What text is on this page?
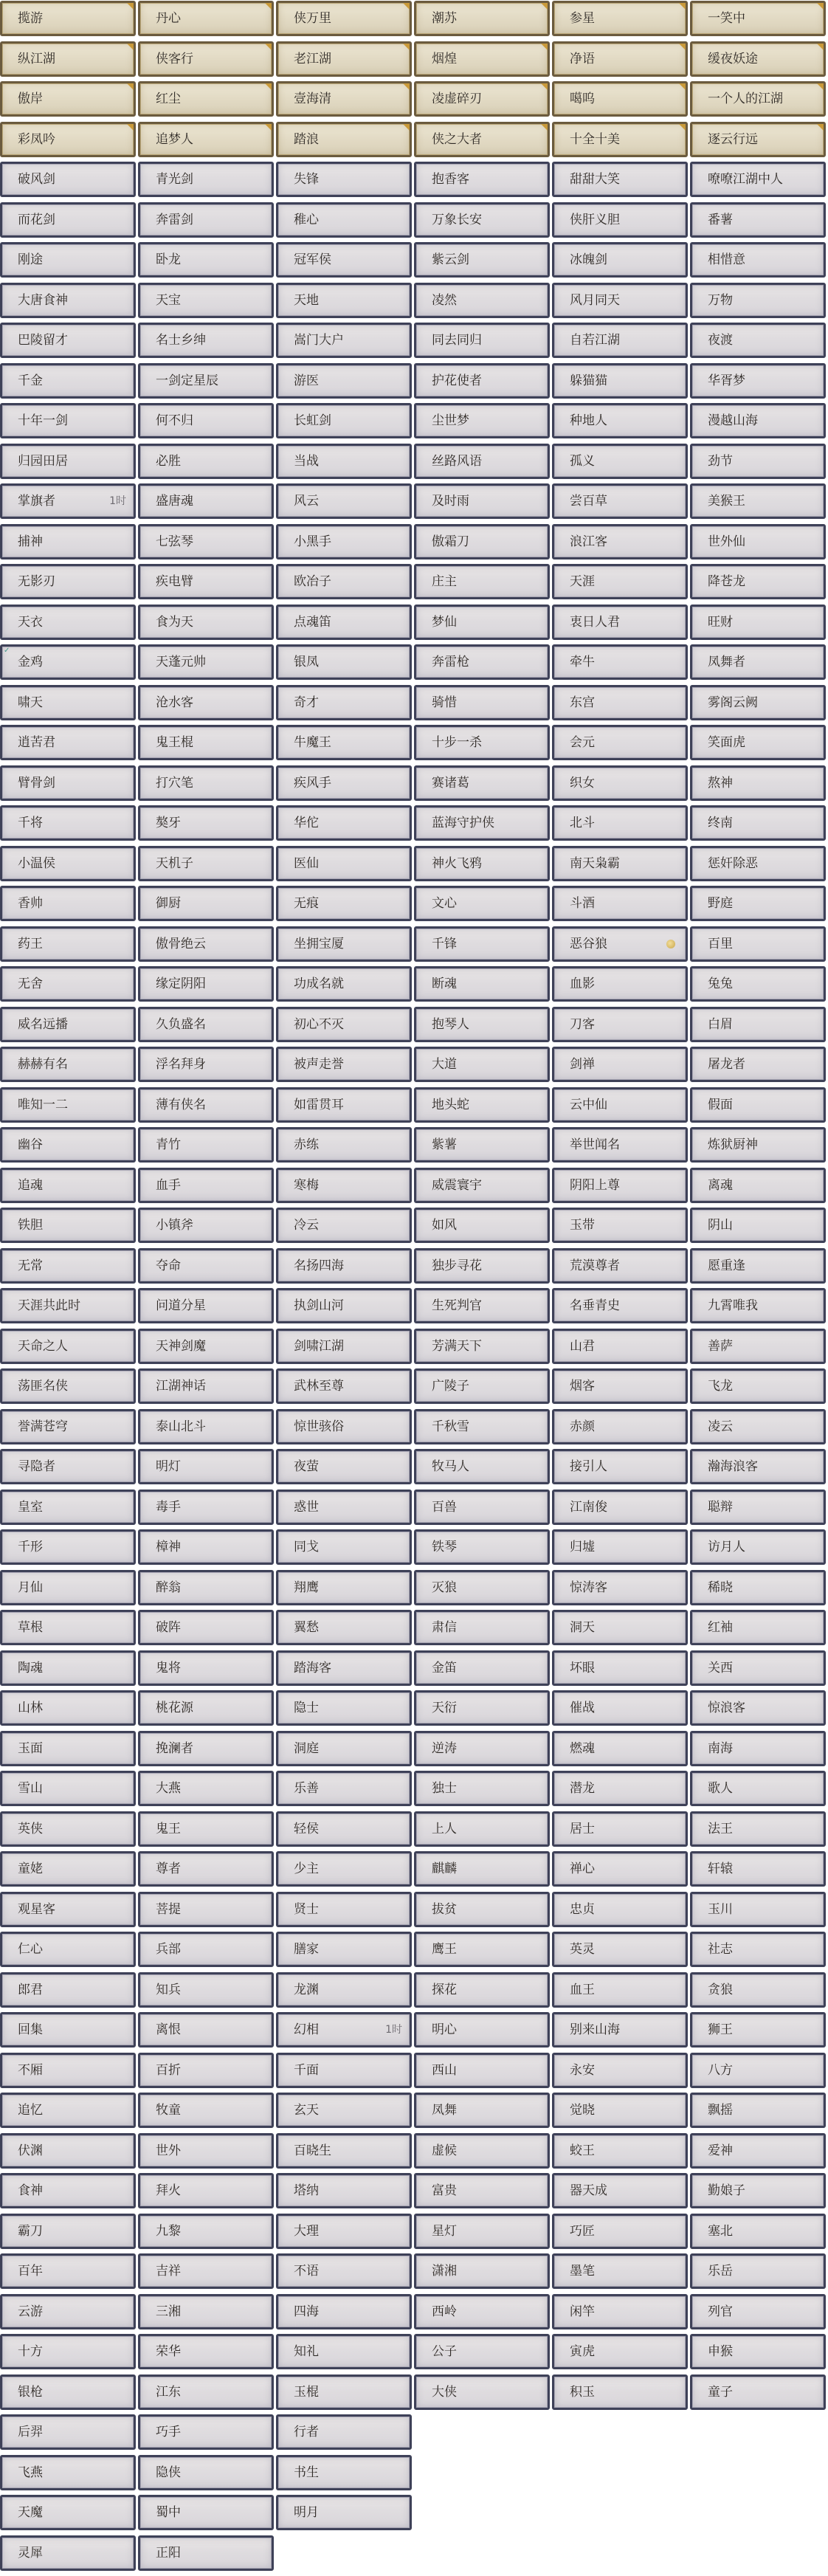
揽游	丹心	侠万里	潮苏	参星	一笑中
纵江湖	侠客行	老江湖	烟煌	净语	缓夜妖途
傲岸	红尘	壹海清	凌虚碎刃	噶呜	一个人的江湖
彩凤吟	追梦人	踏浪	侠之大者	十全十美	逐云行远
破风剑	青光剑	失锋	抱香客	甜甜大笑	嘹嘹江湖中人
而花剑	奔雷剑	稚心	万象长安	侠肝义胆	番薯
刚途	卧龙	冠军侯	紫云剑	冰魄剑	相惜意
大唐食神	天宝	天地	凌然	风月同天	万物
巴陵留才	名士乡绅	嵩门大户	同去同归	自若江湖	夜渡
千金	一剑定星辰	游医	护花使者	躲猫猫	华胥梦
十年一剑	何不归	长虹剑	尘世梦	种地人	漫越山海
归园田居	必胜	当战	丝路风语	孤义	劲节
掌旗者	1时 盛唐魂	风云	及时雨	尝百草	美猴王
捕神	七弦琴	小黑手	傲霜刀	浪江客	世外仙
无影刃	疾电臂	欧冶子	庄主	天涯	降苍龙
天衣	食为天	点魂笛	梦仙	衷日人君	旺财
✓
金鸡	天蓬元帅	银凤	奔雷枪	牵牛	凤舞者
啸天	沧水客	奇才	骑惜	东宫	雾阁云阙
逍苦君	鬼王棍	牛魔王	十步一杀	会元	笑面虎
臂骨剑	打穴笔	疾风手	赛诸葛	织女	熬神
千将	獒牙	华佗	蓝海守护侠	北斗	终南
小温侯	天机子	医仙	神火飞鸦	南天枭霸	惩奸除恶
香帅	御厨	无痕	文心	斗酒	野庭
药王	傲骨绝云	坐拥宝厦	千锋	恶谷狼	百里
无舍	缘定阴阳	功成名就	断魂	血影	兔兔
威名远播	久负盛名	初心不灭	抱琴人	刀客	白眉
赫赫有名	浮名拜身	被声走誉	大道	剑禅	屠龙者
唯知一二	薄有侠名	如雷贯耳	地头蛇	云中仙	假面
幽谷	青竹	赤练	紫薯	举世闻名	炼狱厨神
追魂	血手	寒梅	威震寰宇	阴阳上尊	离魂
铁胆	小镇斧	冷云	如风	玉带	阴山
无常	夺命	名扬四海	独步寻花	荒漠尊者	愿重逢
天涯共此时	问道分星	执剑山河	生死判官	名垂青史	九霄唯我
天命之人	天神剑魔	剑啸江湖	芳满天下	山君	善萨
荡匪名侠	江湖神话	武林至尊	广陵子	烟客	飞龙
誉满苍穹	泰山北斗	惊世骇俗	千秋雪	赤颜	凌云
寻隐者	明灯	夜萤	牧马人	接引人	瀚海浪客
皇室	毒手	惑世	百兽	江南俊	聪辩
千形	樟神	同戈	铁琴	归墟	访月人
月仙	醉翁	翔鹰	灭狼	惊涛客	稀晓
草根	破阵	翼愁	肃信	洞天	红袖
陶魂	鬼将	踏海客	金笛	坏眼	关西
山林	桃花源	隐士	天衍	催战	惊浪客
玉面	挽澜者	洞庭	逆涛	燃魂	南海
雪山	大燕	乐善	独士	潜龙	歌人
英侠	鬼王	轻侯	上人	居士	法王
童姥	尊者	少主	麒麟	禅心	轩辕
观星客	菩提	贤士	拔贫	忠贞	玉川
仁心	兵部	膳家	鹰王	英灵	社志
郎君	知兵	龙渊	探花	血王	贪狼
回集	离恨	幻相	1时 明心	别来山海	狮王
不厢	百折	千面	西山	永安	八方
追忆	牧童	玄天	凤舞	觉晓	飘摇
伏渊	世外	百晓生	虚候	蛟王	爱神
食神	拜火	塔纳	富贵	器天成	勤娘子
霸刀	九黎	大理	星灯	巧匠	塞北
百年	吉祥	不语	潇湘	墨笔	乐岳
云游	三湘	四海	西岭	闲竿	列官
十方	荣华	知礼	公子	寅虎	申猴
银枪	江东	玉棍	大侠	积玉	童子
后羿	巧手	行者
飞燕	隐侠	书生
天魔	蜀中	明月
灵犀	正阳
